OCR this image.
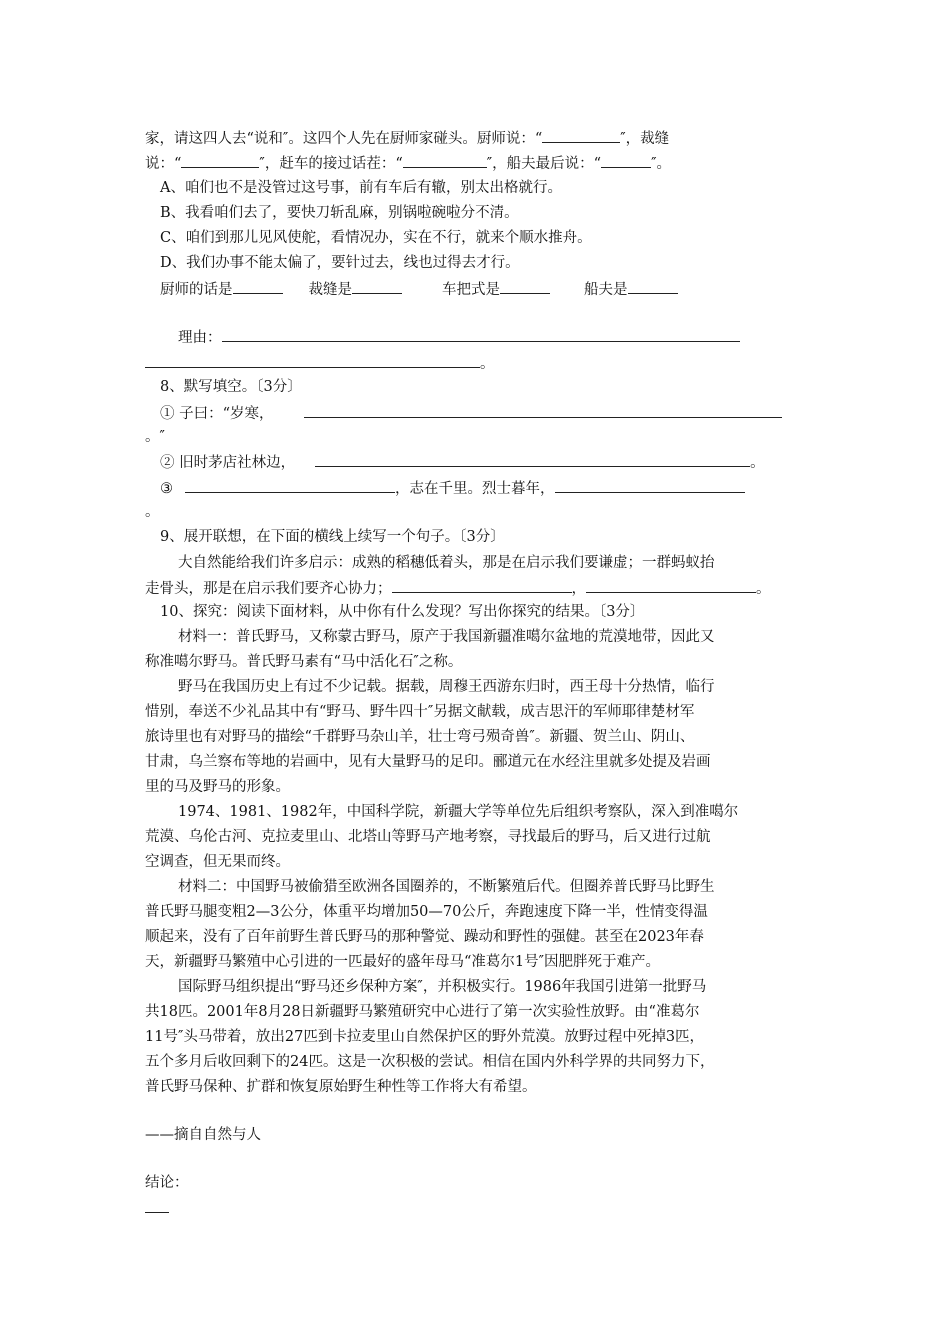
家，请这四人去“说和″。这四个人先在厨师家碰头。厨师说：“	″，裁缝
说：“	″，赶车的接过话茬：“	″，船夫最后说：“	″。
A、咱们也不是没管过这号事，前有车后有辙，别太出格就行。
B、我看咱们去了，要快刀斩乱麻，别锅啦碗啦分不清。
C、咱们到那儿见风使舵，看情况办，实在不行，就来个顺水推舟。
D、我们办事不能太偏了，要针过去，线也过得去才行。
厨师的话是	裁缝是	车把式是	船夫是
理由：
。
8、默写填空。〔3分〕
① 子曰：“岁寒，
。″
② 旧时茅店社林边，	。
③	，志在千里。烈士暮年，
。
9、展开联想，在下面的横线上续写一个句子。〔3分〕
大自然能给我们许多启示：成熟的稻穗低着头，那是在启示我们要谦虚；一群蚂蚁抬
走骨头，那是在启示我们要齐心协力；	，	。
10、探究：阅读下面材料，从中你有什么发现？写出你探究的结果。〔3分〕
材料一：普氏野马，又称蒙古野马，原产于我国新疆准噶尔盆地的荒漠地带，因此又
称准噶尔野马。普氏野马素有“马中活化石″之称。
野马在我国历史上有过不少记载。据载，周穆王西游东归时，西王母十分热情，临行
惜别，奉送不少礼品其中有“野马、野牛四十″另据文献载，成吉思汗的军师耶律楚材军
旅诗里也有对野马的描绘“千群野马杂山羊，壮士弯弓殒奇兽″。新疆、贺兰山、阴山、
甘肃，乌兰察布等地的岩画中，见有大量野马的足印。郦道元在水经注里就多处提及岩画
里的马及野马的形象。
1974、1981、1982年，中国科学院，新疆大学等单位先后组织考察队，深入到准噶尔
荒漠、乌伦古河、克拉麦里山、北塔山等野马产地考察，寻找最后的野马，后又进行过航
空调查，但无果而终。
材料二：中国野马被偷猎至欧洲各国圈养的，不断繁殖后代。但圈养普氏野马比野生
普氏野马腿变粗2—3公分，体重平均增加50—70公斤，奔跑速度下降一半，性情变得温
顺起来，没有了百年前野生普氏野马的那种警觉、躁动和野性的强健。甚至在2023年春
天，新疆野马繁殖中心引进的一匹最好的盛年母马“准葛尔1号″因肥胖死于难产。
国际野马组织提出“野马还乡保种方案″，并积极实行。1986年我国引进第一批野马
共18匹。2001年8月28日新疆野马繁殖研究中心进行了第一次实验性放野。由“准葛尔
11号″头马带着，放出27匹到卡拉麦里山自然保护区的野外荒漠。放野过程中死掉3匹，
五个多月后收回剩下的24匹。这是一次积极的尝试。相信在国内外科学界的共同努力下，
普氏野马保种、扩群和恢复原始野生种性等工作将大有希望。
——摘自自然与人
结论：
